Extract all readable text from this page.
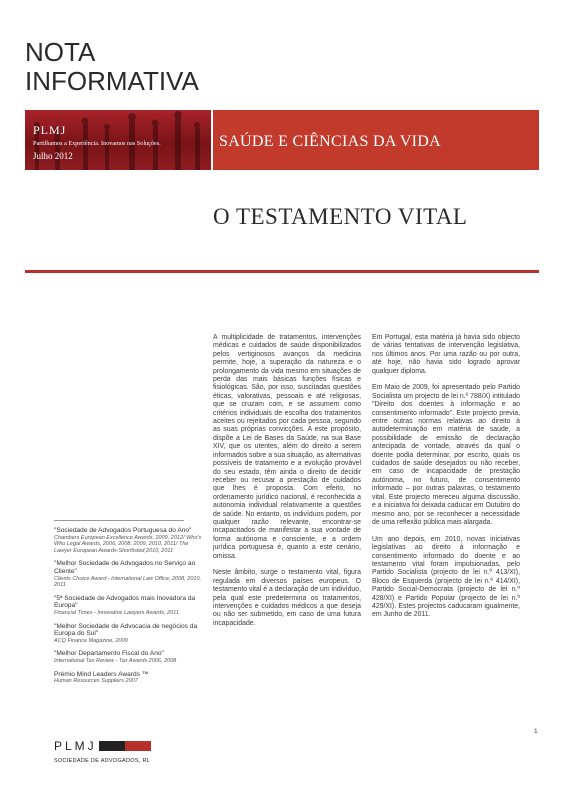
NOTA
INFORMATIVA
PLMJ
Partilhamos a Experiência. Inovamos nas Soluções.
Julho 2012
SAÚDE E CIÊNCIAS DA VIDA
O TESTAMENTO VITAL

A multiplicidade de tratamentos, intervenções médicas e cuidados de saúde disponibilizados pelos vertiginosos avanços da medicina permite, hoje, a superação da natureza e o prolongamento da vida mesmo em situações de perda das mais básicas funções físicas e fisiológicas. São, por isso, suscitadas questões éticas, valorativas, pessoais e até religiosas, que se cruzam com, e se assumem como critérios individuais de escolha dos tratamentos aceites ou rejeitados por cada pessoa, segundo as suas próprias convicções. A este propósito, dispõe a Lei de Bases da Saúde, na sua Base XIV, que os utentes, além do direito a serem informados sobre a sua situação, as alternativas possíveis de tratamento e a evolução provável do seu estado, têm ainda o direito de decidir receber ou recusar a prestação de cuidados que lhes é proposta. Com efeito, no ordenamento jurídico nacional, é reconhecida a autonomia individual relativamente a questões de saúde. No entanto, os indivíduos podem, por qualquer razão relevante, encontrar-se incapacitados de manifestar a sua vontade de forma autónoma e consciente, e a ordem jurídica portuguesa é, quanto a este cenário, omissa.

Neste âmbito, surge o testamento vital, figura regulada em diversos países europeus. O testamento vital é a declaração de um indivíduo, pela qual este predetermina os tratamentos, intervenções e cuidados médicos a que deseja ou não ser submetido, em caso de uma futura incapacidade.

Em Portugal, esta matéria já havia sido objecto de várias tentativas de intervenção legislativa, nos últimos anos. Por uma razão ou por outra, até hoje, não havia sido logrado aprovar qualquer diploma.

Em Maio de 2009, foi apresentado pelo Partido Socialista um projecto de lei n.º 788/X) intitulado "Direito dos doentes à informação e ao consentimento informado". Este projecto previa, entre outras normas relativas ao direito à autodeterminação em matéria de saúde, a possibilidade de emissão de declaração antecipada de vontade, através da qual o doente podia determinar, por escrito, quais os cuidados de saúde desejados ou não receber, em caso de incapacidade de prestação autónoma, no futuro, de consentimento informado – por outras palavras, o testamento vital. Este projecto mereceu alguma discussão, e a iniciativa foi deixada caducar em Outubro do mesmo ano, por se reconhecer a necessidade de uma reflexão pública mais alargada.

Um ano depois, em 2010, novas iniciativas legislativas ao direito à informação e consentimento informado do doente e ao testamento vital foram impulsionadas, pelo Partido Socialista (projecto de lei n.º 413/XI), Bloco de Esquerda (projecto de lei n.º 414/XI), Partido Social-Democrata (projecto de lei n.º 428/XI) e Partido Popular (projecto de lei n.º 429/XI). Estes projectos caducaram igualmente, em Junho de 2011.

"Sociedade de Advogados Portuguesa do Ano"
Chambers European Excellence Awards, 2009, 2012/ Who's Who Legal Awards, 2006, 2008, 2009, 2010, 2011/ The Lawyer European Awards-Shortlisted,2010, 2011
"Melhor Sociedade de Advogados no Serviço ao Cliente"
Clients Choice Award - International Law Office, 2008, 2010, 2011
"5ª Sociedade de Advogados mais Inovadora da Europa"
Financial Times - Innovative Lawyers Awards, 2011
"Melhor Sociedade de Advocacia de negócios da Europa do Sul"
ACQ Finance Magazine, 2009
"Melhor Departamento Fiscal do Ano"
International Tax Review - Tax Awards 2006, 2008
Prémio Mind Leaders Awards ™
Human Resources Suppliers 2007
PLMJ
SOCIEDADE DE ADVOGADOS, RL
1
